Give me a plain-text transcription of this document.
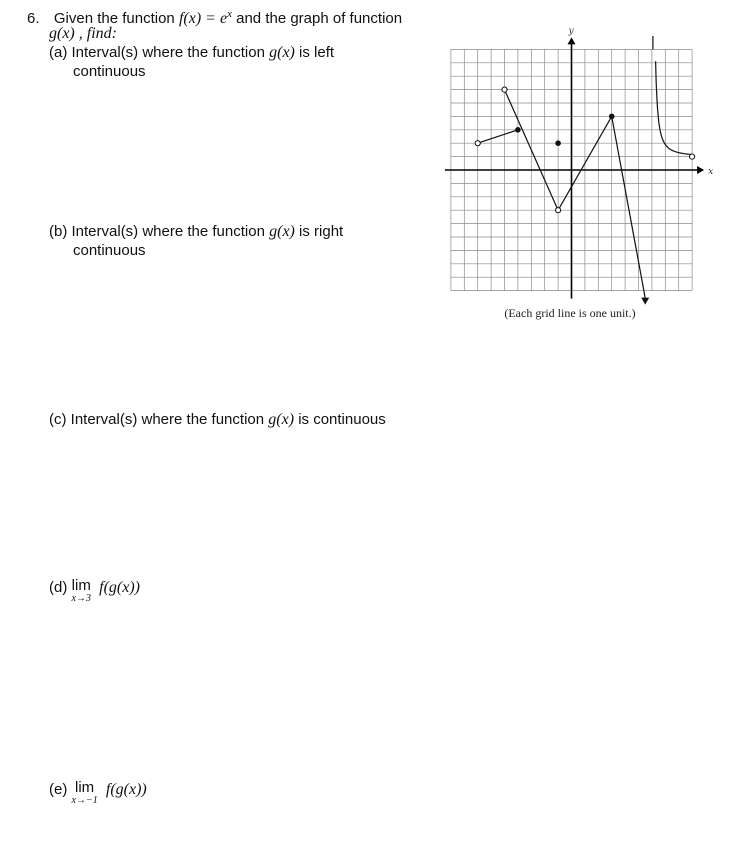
6. Given the function $f(x) = e^x$ and the graph of function
g(x) , find:
(a) Interval(s) where the function g(x) is left
continuous
(b) Interval(s) where the function g(x) is right
continuous
(c) Interval(s) where the function g(x) is continuous
(d) lim
x→3
f(g(x))
(e) lim
x→−1
f(g(x))
x
y
(Each grid line is one unit.)
